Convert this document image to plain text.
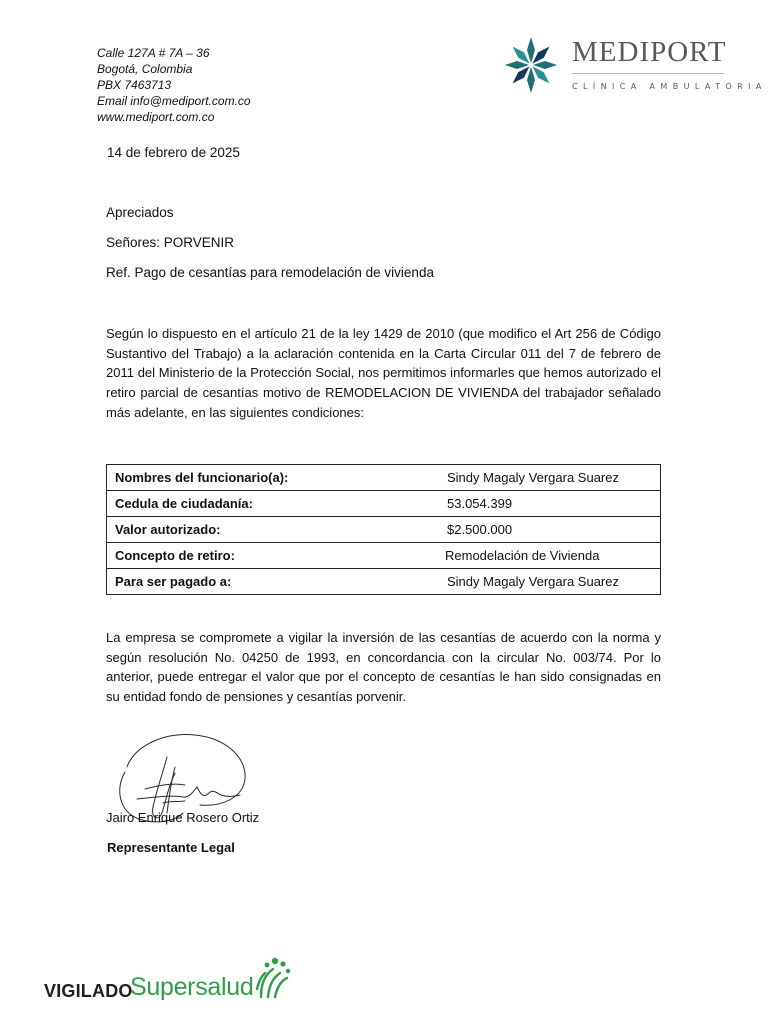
Calle 127A # 7A – 36
Bogotá, Colombia
PBX 7463713
Email info@mediport.com.co
www.mediport.com.co
MEDIPORT
CLÍNICA AMBULATORIA
14 de febrero de 2025
Apreciados
Señores: PORVENIR
Ref. Pago de cesantías para remodelación de vivienda
Según lo dispuesto en el artículo 21 de la ley 1429 de 2010 (que modifico el Art 256 de Código Sustantivo del Trabajo) a la aclaración contenida en la Carta Circular 011 del 7 de febrero de 2011 del Ministerio de la Protección Social, nos permitimos informarles que hemos autorizado el retiro parcial de cesantías motivo de REMODELACION DE VIVIENDA del trabajador señalado más adelante, en las siguientes condiciones:
Nombres del funcionario(a):	Sindy Magaly Vergara Suarez
Cedula de ciudadanía:	53.054.399
Valor autorizado:	$2.500.000
Concepto de retiro:	Remodelación de Vivienda
Para ser pagado a:	Sindy Magaly Vergara Suarez
La empresa se compromete a vigilar la inversión de las cesantías de acuerdo con la norma y según resolución No. 04250 de 1993, en concordancia con la circular No. 003/74. Por lo anterior, puede entregar el valor que por el concepto de cesantías le han sido consignadas en su entidad fondo de pensiones y cesantías porvenir.
Jairo Enrique Rosero Ortiz
Representante Legal
VIGILADO
Supersalud
